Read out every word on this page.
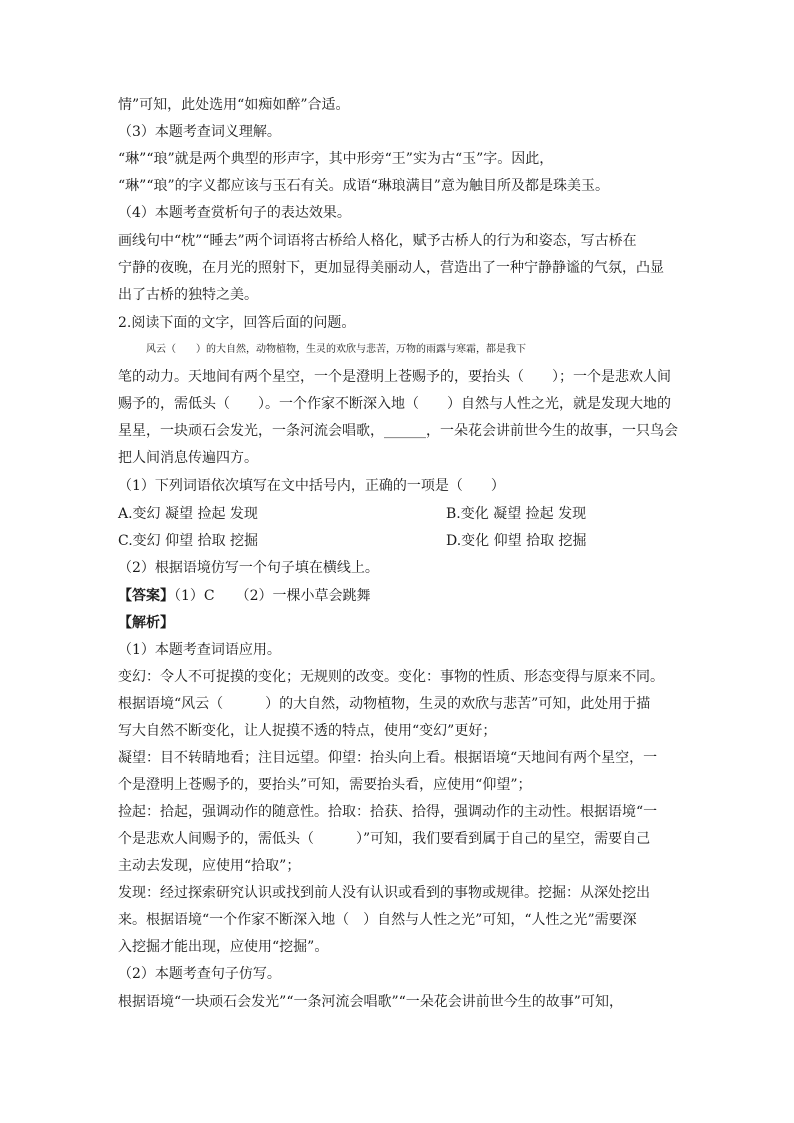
情”可知，此处选用“如痴如醉”合适。
（3）本题考查词义理解。
“琳”“琅”就是两个典型的形声字，其中形旁“王”实为古“玉”字。因此，
“琳”“琅”的字义都应该与玉石有关。成语“琳琅满目”意为触目所及都是珠美玉。
（4）本题考查赏析句子的表达效果。
画线句中“枕”“睡去”两个词语将古桥给人格化，赋予古桥人的行为和姿态，写古桥在
宁静的夜晚，在月光的照射下，更加显得美丽动人，营造出了一种宁静静谧的气氛，凸显
出了古桥的独特之美。
2.阅读下面的文字，回答后面的问题。
风云（　　）的大自然，动物植物，生灵的欢欣与悲苦，万物的雨露与寒霜，都是我下
笔的动力。天地间有两个星空，一个是澄明上苍赐予的，要抬头（　　）；一个是悲欢人间
赐予的，需低头（　　）。一个作家不断深入地（　　）自然与人性之光，就是发现大地的
星星，一块顽石会发光，一条河流会唱歌，______，一朵花会讲前世今生的故事，一只鸟会
把人间消息传遍四方。
（1）下列词语依次填写在文中括号内，正确的一项是（　　）
A.变幻 凝望 捡起 发现	B.变化 凝望 捡起 发现
C.变幻 仰望 拾取 挖掘	D.变化 仰望 拾取 挖掘
（2）根据语境仿写一个句子填在横线上。
【答案】（1）C　　（2）一棵小草会跳舞
【解析】
（1）本题考查词语应用。
变幻：令人不可捉摸的变化；无规则的改变。变化：事物的性质、形态变得与原来不同。
根据语境“风云（　　　）的大自然，动物植物，生灵的欢欣与悲苦”可知，此处用于描
写大自然不断变化，让人捉摸不透的特点，使用“变幻”更好；
凝望：目不转睛地看；注目远望。仰望：抬头向上看。根据语境“天地间有两个星空，一
个是澄明上苍赐予的，要抬头”可知，需要抬头看，应使用“仰望”；
捡起：拾起，强调动作的随意性。拾取：拾获、拾得，强调动作的主动性。根据语境“一
个是悲欢人间赐予的，需低头（　　　）”可知，我们要看到属于自己的星空，需要自己
主动去发现，应使用“拾取”；
发现：经过探索研究认识或找到前人没有认识或看到的事物或规律。挖掘：从深处挖出
来。根据语境“一个作家不断深入地（　）自然与人性之光”可知，“人性之光”需要深
入挖掘才能出现，应使用“挖掘”。
（2）本题考查句子仿写。
根据语境“一块顽石会发光”“一条河流会唱歌”“一朵花会讲前世今生的故事”可知，
